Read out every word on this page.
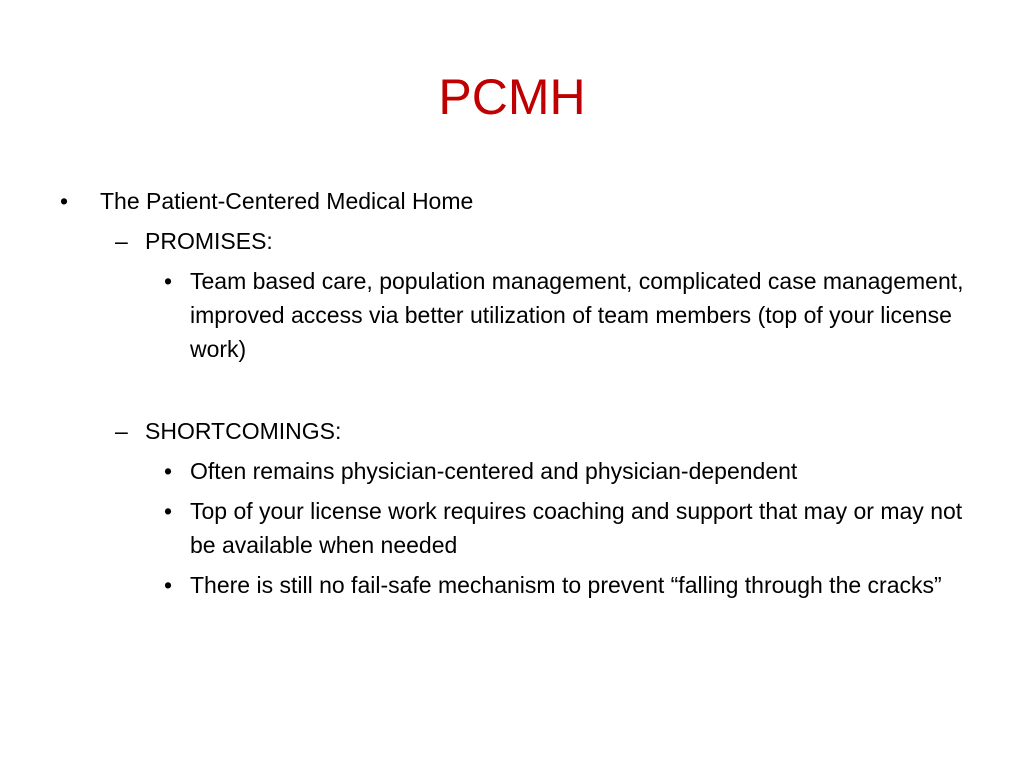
PCMH
• The Patient-Centered Medical Home
– PROMISES:
• Team based care, population management, complicated case management, improved access via better utilization of team members (top of your license work)
– SHORTCOMINGS:
• Often remains physician-centered and physician-dependent
• Top of your license work requires coaching and support that may or may not be available when needed
• There is still no fail-safe mechanism to prevent “falling through the cracks”
